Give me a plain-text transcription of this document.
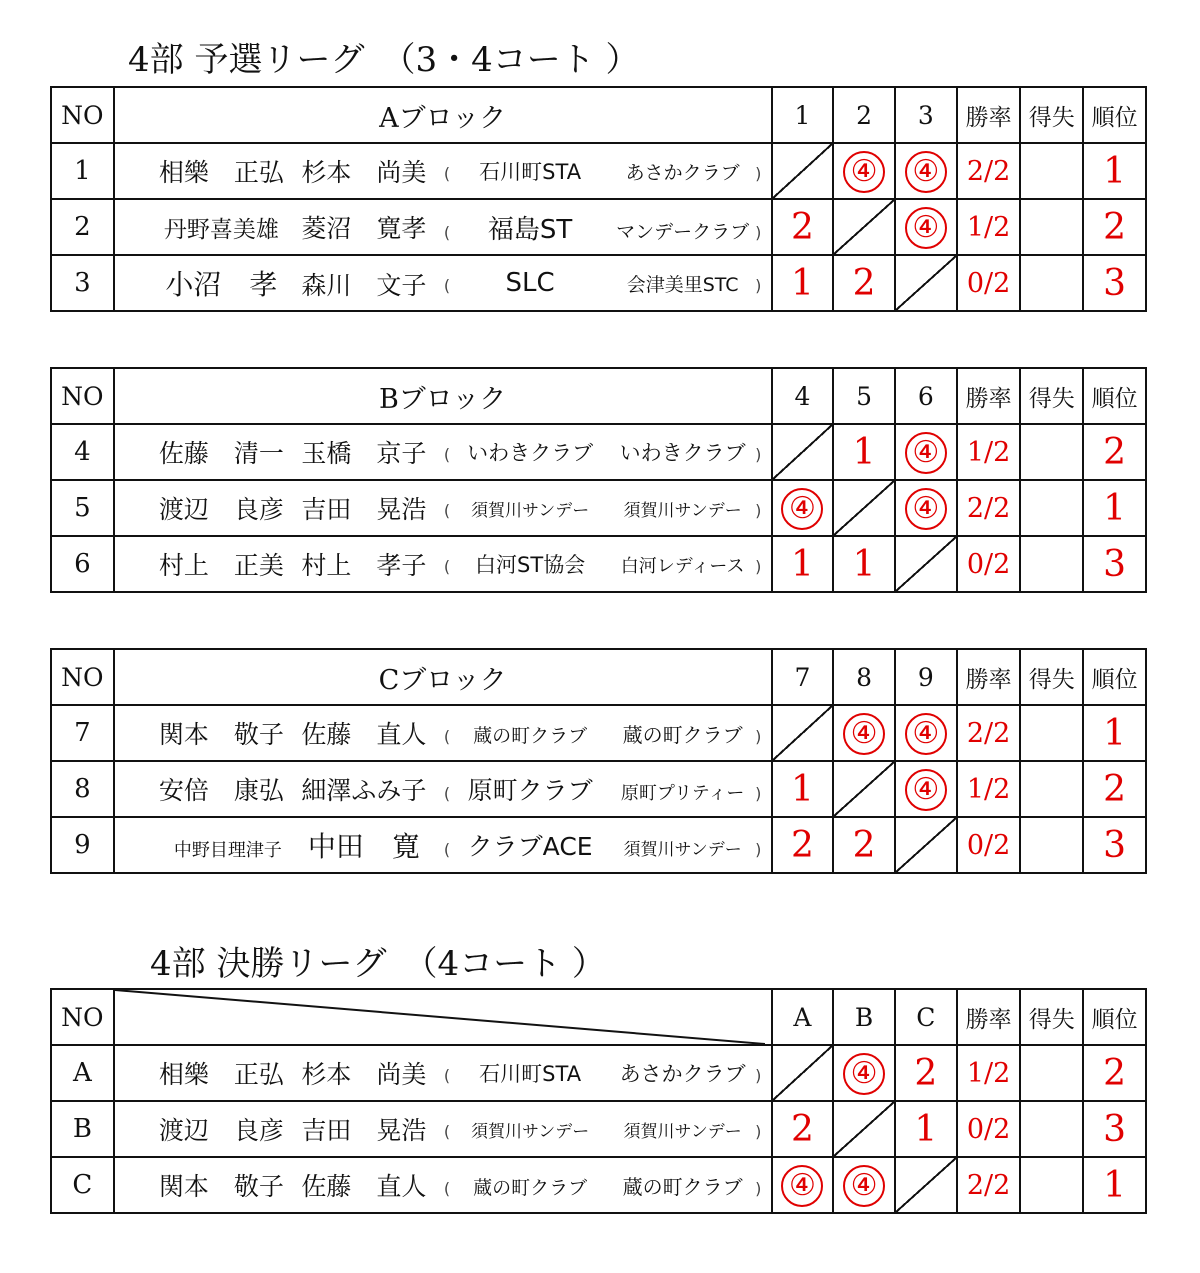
4部 予選リーグ　（3・4コート ）
NO	Aブロック	1	2	3	勝率	得失	順位
1	相樂　正弘 杉本　尚美 ( 石川町STA あさかクラブ )		④	④	2/2		1
2	丹野喜美雄 菱沼　寛孝 ( 福島ST マンデークラブ )	2		④	1/2		2
3	小沼　孝 森川　文子 ( SLC 会津美里STC )	1	2		0/2		3
NO	Bブロック	4	5	6	勝率	得失	順位
4	佐藤　清一 玉橋　京子 ( いわきクラブ いわきクラブ )		1	④	1/2		2
5	渡辺　良彦 吉田　晃浩 ( 須賀川サンデー 須賀川サンデー )	④		④	2/2		1
6	村上　正美 村上　孝子 ( 白河ST協会 白河レディース )	1	1		0/2		3
NO	Cブロック	7	8	9	勝率	得失	順位
7	関本　敬子 佐藤　直人 ( 蔵の町クラブ 蔵の町クラブ )		④	④	2/2		1
8	安倍　康弘 細澤ふみ子 ( 原町クラブ 原町プリティー )	1		④	1/2		2
9	中野目理津子 中田　寛 ( クラブACE 須賀川サンデー )	2	2		0/2		3
4部 決勝リーグ　（4コート ）
NO		A	B	C	勝率	得失	順位
A	相樂　正弘 杉本　尚美 ( 石川町STA あさかクラブ )		④	2	1/2		2
B	渡辺　良彦 吉田　晃浩 ( 須賀川サンデー 須賀川サンデー )	2		1	0/2		3
C	関本　敬子 佐藤　直人 ( 蔵の町クラブ 蔵の町クラブ )	④	④		2/2		1
